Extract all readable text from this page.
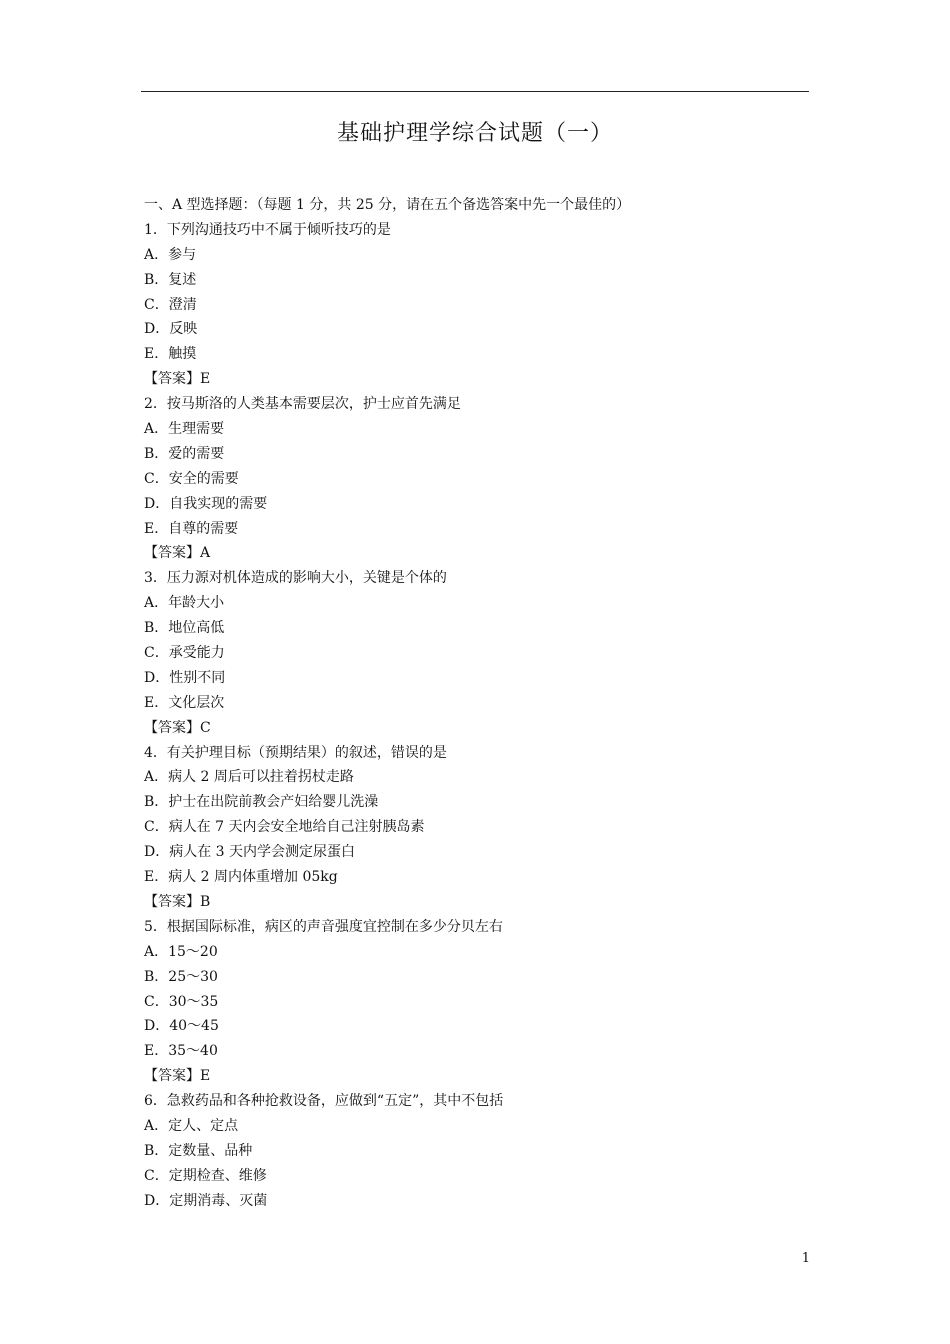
基础护理学综合试题（一）
一、A 型选择题：（每题 1 分，共 25 分，请在五个备选答案中先一个最佳的）
1．下列沟通技巧中不属于倾听技巧的是
A．参与
B．复述
C．澄清
D．反映
E．触摸
【答案】E
2．按马斯洛的人类基本需要层次，护士应首先满足
A．生理需要
B．爱的需要
C．安全的需要
D．自我实现的需要
E．自尊的需要
【答案】A
3．压力源对机体造成的影响大小，关键是个体的
A．年龄大小
B．地位高低
C．承受能力
D．性别不同
E．文化层次
【答案】C
4．有关护理目标（预期结果）的叙述，错误的是
A．病人 2 周后可以拄着拐杖走路
B．护士在出院前教会产妇给婴儿洗澡
C．病人在 7 天内会安全地给自己注射胰岛素
D．病人在 3 天内学会测定尿蛋白
E．病人 2 周内体重增加 05kg
【答案】B
5．根据国际标准，病区的声音强度宜控制在多少分贝左右
A．15～20
B．25～30
C．30～35
D．40～45
E．35～40
【答案】E
6．急救药品和各种抢救设备，应做到“五定”，其中不包括
A．定人、定点
B．定数量、品种
C．定期检查、维修
D．定期消毒、灭菌
1
